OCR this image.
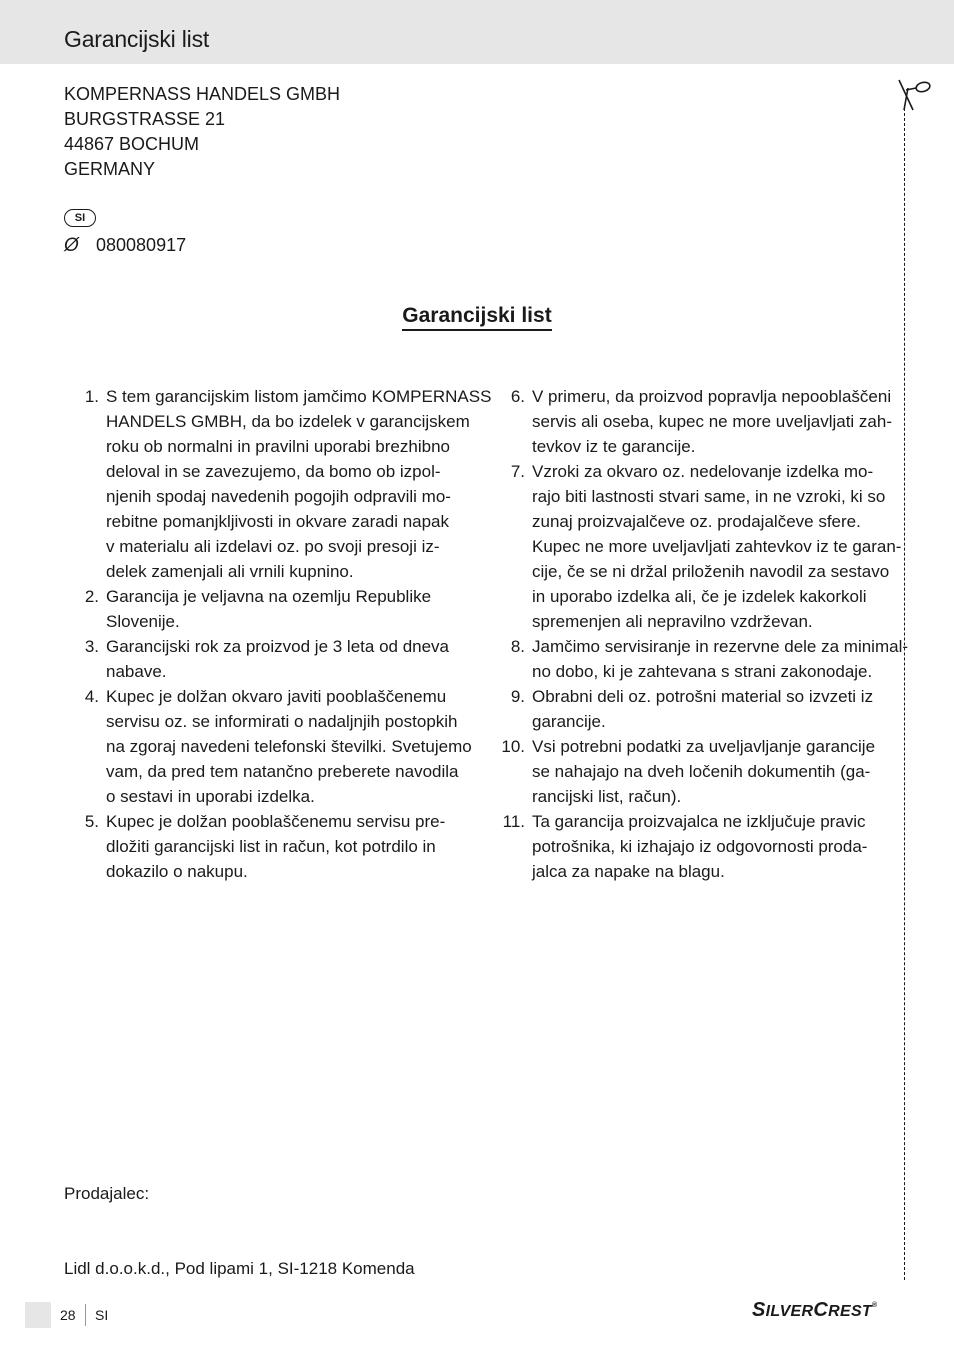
Garancijski list
KOMPERNASS HANDELS GMBH
BURGSTRASSE 21
44867 BOCHUM
GERMANY
SI
Ø 080080917
Garancijski list
1. S tem garancijskim listom jamčimo KOMPERNASS
HANDELS GMBH, da bo izdelek v garancijskem
roku ob normalni in pravilni uporabi brezhibno
deloval in se zavezujemo, da bomo ob izpol-
njenih spodaj navedenih pogojih odpravili mo-
rebitne pomanjkljivosti in okvare zaradi napak
v materialu ali izdelavi oz. po svoji presoji iz-
delek zamenjali ali vrnili kupnino.
2. Garancija je veljavna na ozemlju Republike
Slovenije.
3. Garancijski rok za proizvod je 3 leta od dneva
nabave.
4. Kupec je dolžan okvaro javiti pooblaščenemu
servisu oz. se informirati o nadaljnjih postopkih
na zgoraj navedeni telefonski številki. Svetujemo
vam, da pred tem natančno preberete navodila
o sestavi in uporabi izdelka.
5. Kupec je dolžan pooblaščenemu servisu pre-
dložiti garancijski list in račun, kot potrdilo in
dokazilo o nakupu.
6. V primeru, da proizvod popravlja nepooblaščeni
servis ali oseba, kupec ne more uveljavljati zah-
tevkov iz te garancije.
7. Vzroki za okvaro oz. nedelovanje izdelka mo-
rajo biti lastnosti stvari same, in ne vzroki, ki so
zunaj proizvajalčeve oz. prodajalčeve sfere.
Kupec ne more uveljavljati zahtevkov iz te garan-
cije, če se ni držal priloženih navodil za sestavo
in uporabo izdelka ali, če je izdelek kakorkoli
spremenjen ali nepravilno vzdrževan.
8. Jamčimo servisiranje in rezervne dele za minimal-
no dobo, ki je zahtevana s strani zakonodaje.
9. Obrabni deli oz. potrošni material so izvzeti iz
garancije.
10. Vsi potrebni podatki za uveljavljanje garancije
se nahajajo na dveh ločenih dokumentih (ga-
rancijski list, račun).
11. Ta garancija proizvajalca ne izključuje pravic
potrošnika, ki izhajajo iz odgovornosti proda-
jalca za napake na blagu.
Prodajalec:
Lidl d.o.o.k.d., Pod lipami 1, SI-1218 Komenda
28 SI	SILVERCREST®
